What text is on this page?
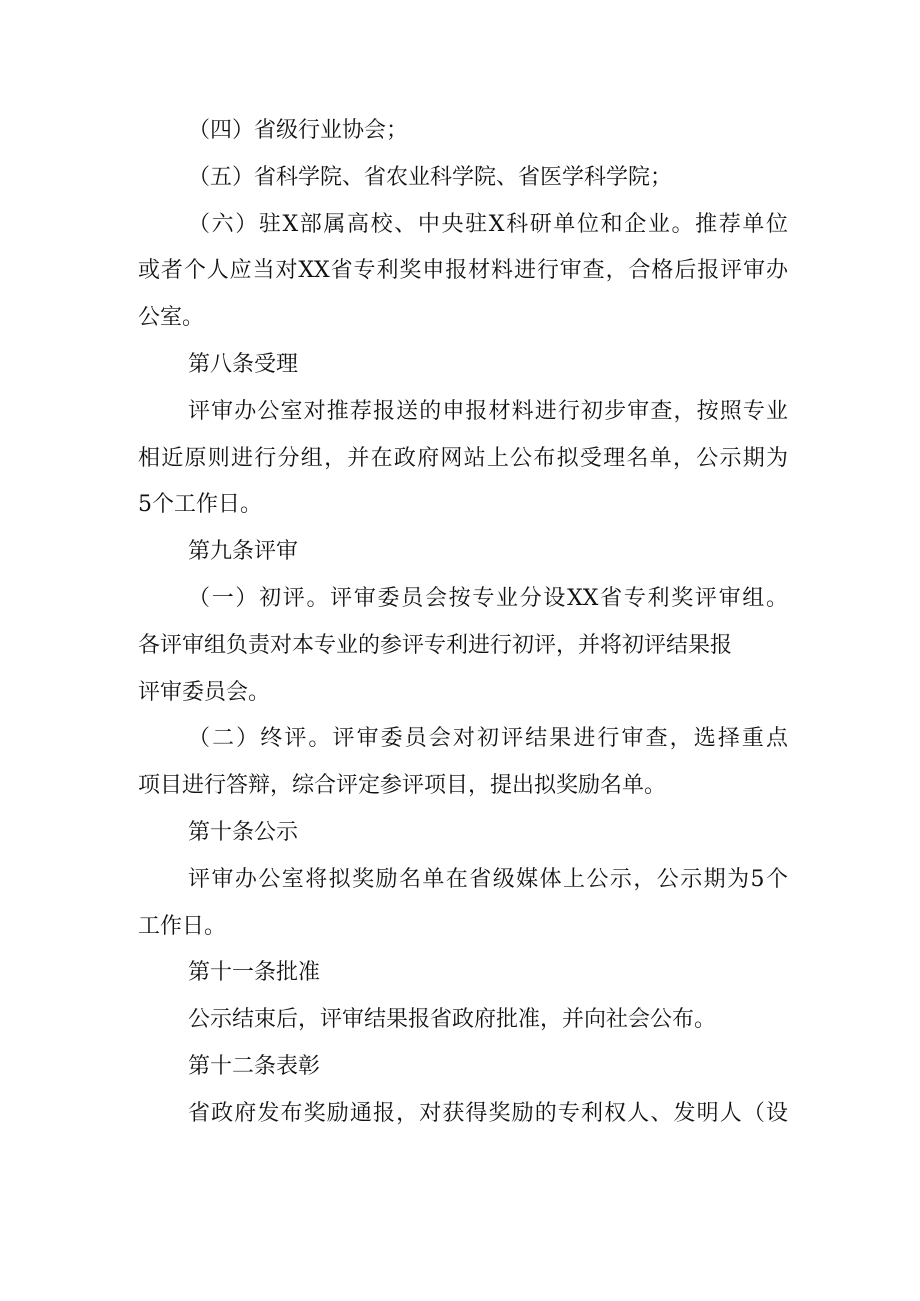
（四）省级行业协会；
（五）省科学院、省农业科学院、省医学科学院；
（六）驻X部属高校、中央驻X科研单位和企业。推荐单位
或者个人应当对XX省专利奖申报材料进行审查，合格后报评审办
公室。
第八条受理
评审办公室对推荐报送的申报材料进行初步审查，按照专业
相近原则进行分组，并在政府网站上公布拟受理名单，公示期为
5个工作日。
第九条评审
（一）初评。评审委员会按专业分设XX省专利奖评审组。
各评审组负责对本专业的参评专利进行初评，并将初评结果报
评审委员会。
（二）终评。评审委员会对初评结果进行审查，选择重点
项目进行答辩，综合评定参评项目，提出拟奖励名单。
第十条公示
评审办公室将拟奖励名单在省级媒体上公示，公示期为5个
工作日。
第十一条批准
公示结束后，评审结果报省政府批准，并向社会公布。
第十二条表彰
省政府发布奖励通报，对获得奖励的专利权人、发明人（设
